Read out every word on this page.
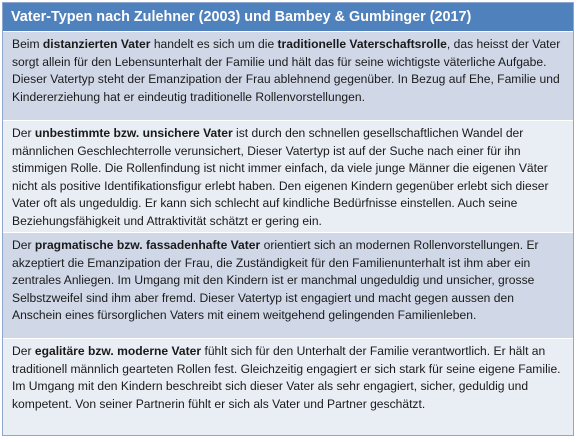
Vater-Typen nach Zulehner (2003) und Bambey & Gumbinger (2017)
Beim distanzierten Vater handelt es sich um die traditionelle Vaterschaftsrolle, das heisst der Vater sorgt allein für den Lebensunterhalt der Familie und hält das für seine wichtigste väterliche Aufgabe. Dieser Vatertyp steht der Emanzipation der Frau ablehnend gegenüber. In Bezug auf Ehe, Familie und Kindererziehung hat er eindeutig traditionelle Rollenvorstellungen.
Der unbestimmte bzw. unsichere Vater ist durch den schnellen gesellschaftlichen Wandel der männlichen Geschlechterrolle verunsichert, Dieser Vatertyp ist auf der Suche nach einer für ihn stimmigen Rolle. Die Rollenfindung ist nicht immer einfach, da viele junge Männer die eigenen Väter nicht als positive Identifikationsfigur erlebt haben. Den eigenen Kindern gegenüber erlebt sich dieser Vater oft als ungeduldig. Er kann sich schlecht auf kindliche Bedürfnisse einstellen. Auch seine Beziehungsfähigkeit und Attraktivität schätzt er gering ein.
Der pragmatische bzw. fassadenhafte Vater orientiert sich an modernen Rollenvorstellungen. Er akzeptiert die Emanzipation der Frau, die Zuständigkeit für den Familienunterhalt ist ihm aber ein zentrales Anliegen. Im Umgang mit den Kindern ist er manchmal ungeduldig und unsicher, grosse Selbstzweifel sind ihm aber fremd. Dieser Vatertyp ist engagiert und macht gegen aussen den Anschein eines fürsorglichen Vaters mit einem weitgehend gelingenden Familienleben.
Der egalitäre bzw. moderne Vater fühlt sich für den Unterhalt der Familie verantwortlich. Er hält an traditionell männlich gearteten Rollen fest. Gleichzeitig engagiert er sich stark für seine eigene Familie. Im Umgang mit den Kindern beschreibt sich dieser Vater als sehr engagiert, sicher, geduldig und kompetent. Von seiner Partnerin fühlt er sich als Vater und Partner geschätzt.
